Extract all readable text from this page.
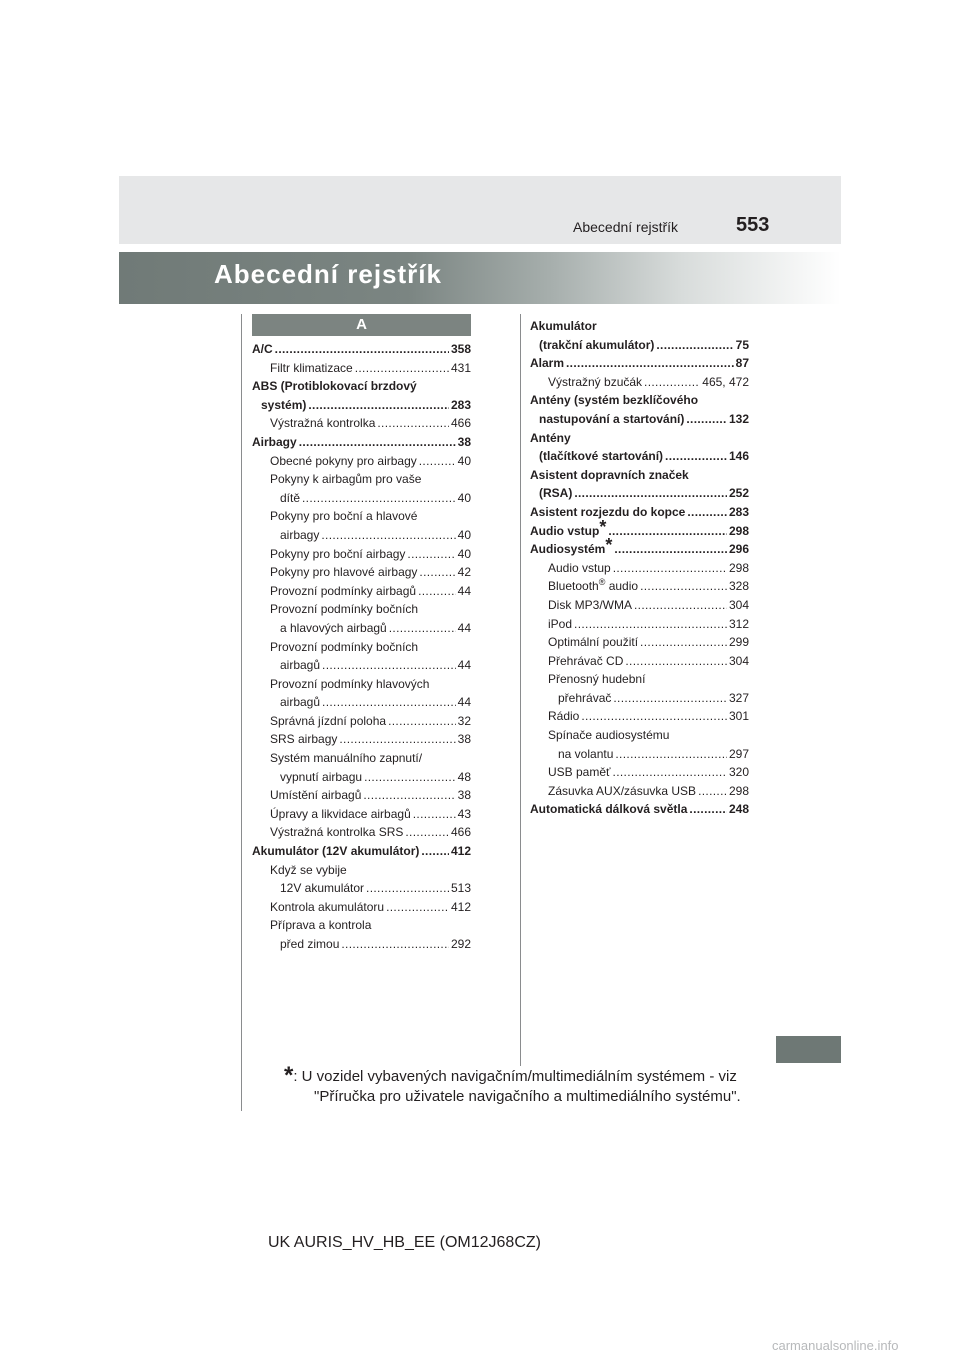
Abecední rejstřík	553
Abecední rejstřík
A
A/C . . .	358
Filtr klimatizace . . .	431
ABS (Protiblokovací brzdový
systém) . . .	283
Výstražná kontrolka . . .	466
Airbagy . . .	38
Obecné pokyny pro airbagy . . .	40
Pokyny k airbagům pro vaše
dítě . . .	40
Pokyny pro boční a hlavové
airbagy . . .	40
Pokyny pro boční airbagy . . .	40
Pokyny pro hlavové airbagy . . .	42
Provozní podmínky airbagů . . .	44
Provozní podmínky bočních
a hlavových airbagů . . .	44
Provozní podmínky bočních
airbagů . . .	44
Provozní podmínky hlavových
airbagů . . .	44
Správná jízdní poloha . . .	32
SRS airbagy . . .	38
Systém manuálního zapnutí/
vypnutí airbagu . . .	48
Umístění airbagů . . .	38
Úpravy a likvidace airbagů . . .	43
Výstražná kontrolka SRS . . .	466
Akumulátor (12V akumulátor) . . .	412
Když se vybije
12V akumulátor . . .	513
Kontrola akumulátoru . . .	412
Příprava a kontrola
před zimou . . .	292
Akumulátor
(trakční akumulátor) . . .	75
Alarm . . .	87
Výstražný bzučák . . .	465, 472
Antény (systém bezklíčového
nastupování a startování) . . .	132
Antény
(tlačítkové startování) . . .	146
Asistent dopravních značek
(RSA) . . .	252
Asistent rozjezdu do kopce . . .	283
Audio vstup* . . .	298
Audiosystém* . . .	296
Audio vstup . . .	298
Bluetooth® audio . . .	328
Disk MP3/WMA . . .	304
iPod . . .	312
Optimální použití . . .	299
Přehrávač CD . . .	304
Přenosný hudební
přehrávač . . .	327
Rádio . . .	301
Spínače audiosystému
na volantu . . .	297
USB paměť . . .	320
Zásuvka AUX/zásuvka USB . . .	298
Automatická dálková světla . . .	248
*: U vozidel vybavených navigačním/multimediálním systémem - viz
"Příručka pro uživatele navigačního a multimediálního systému".
UK AURIS_HV_HB_EE (OM12J68CZ)
carmanualsonline.info
